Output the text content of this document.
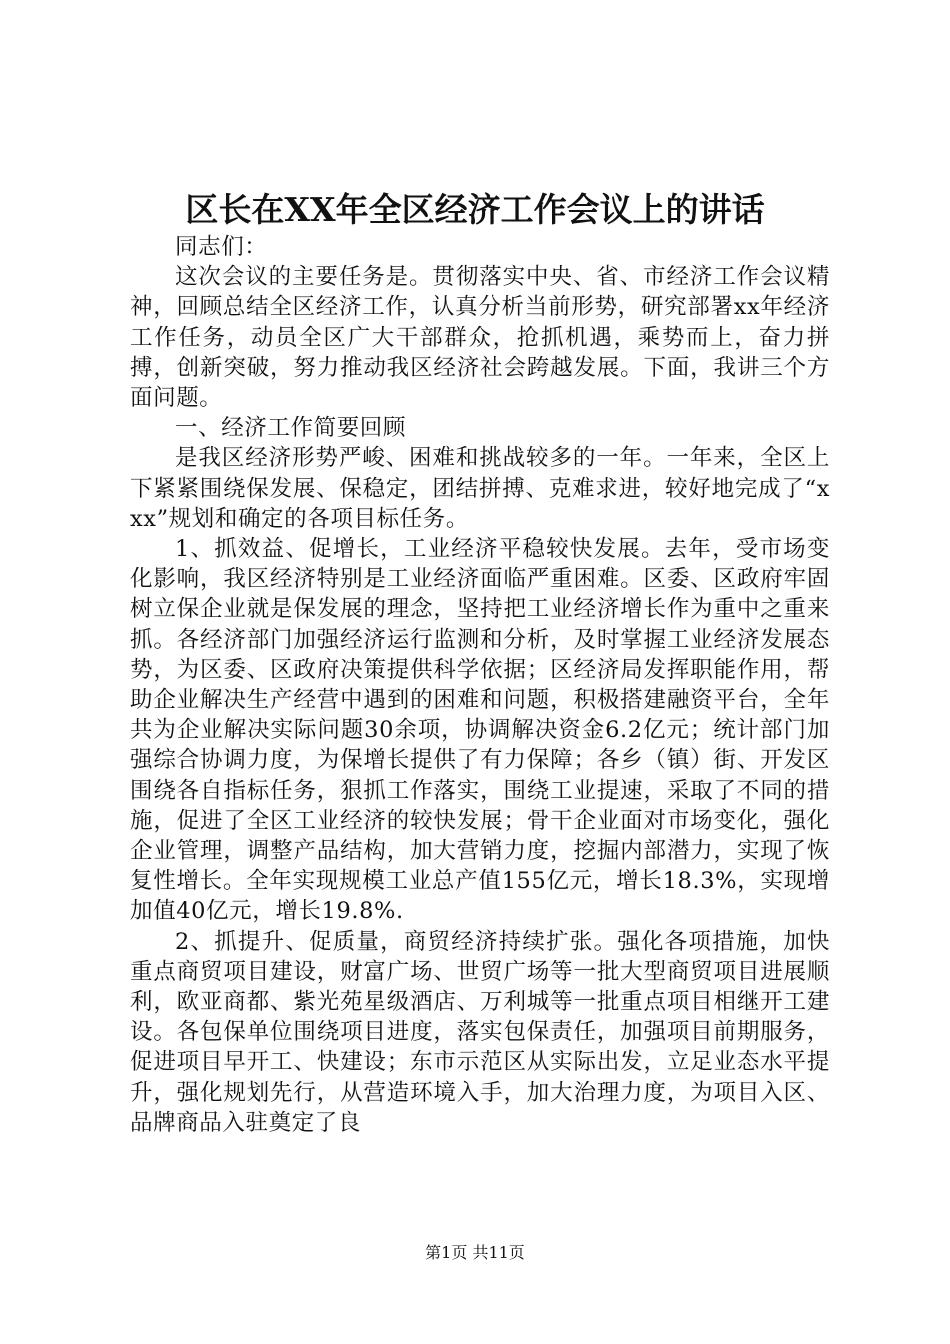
区长在XX年全区经济工作会议上的讲话

同志们：

这次会议的主要任务是。贯彻落实中央、省、市经济工作会议精神，回顾总结全区经济工作，认真分析当前形势，研究部署xx年经济工作任务，动员全区广大干部群众，抢抓机遇，乘势而上，奋力拼搏，创新突破，努力推动我区经济社会跨越发展。下面，我讲三个方面问题。

一、经济工作简要回顾

是我区经济形势严峻、困难和挑战较多的一年。一年来，全区上下紧紧围绕保发展、保稳定，团结拼搏、克难求进，较好地完成了“xxx”规划和确定的各项目标任务。

1、抓效益、促增长，工业经济平稳较快发展。去年，受市场变化影响，我区经济特别是工业经济面临严重困难。区委、区政府牢固树立保企业就是保发展的理念，坚持把工业经济增长作为重中之重来抓。各经济部门加强经济运行监测和分析，及时掌握工业经济发展态势，为区委、区政府决策提供科学依据；区经济局发挥职能作用，帮助企业解决生产经营中遇到的困难和问题，积极搭建融资平台，全年共为企业解决实际问题30余项，协调解决资金6.2亿元；统计部门加强综合协调力度，为保增长提供了有力保障；各乡（镇）街、开发区围绕各自指标任务，狠抓工作落实，围绕工业提速，采取了不同的措施，促进了全区工业经济的较快发展；骨干企业面对市场变化，强化企业管理，调整产品结构，加大营销力度，挖掘内部潜力，实现了恢复性增长。全年实现规模工业总产值155亿元，增长18.3%，实现增加值40亿元，增长19.8%.

2、抓提升、促质量，商贸经济持续扩张。强化各项措施，加快重点商贸项目建设，财富广场、世贸广场等一批大型商贸项目进展顺利，欧亚商都、紫光苑星级酒店、万利城等一批重点项目相继开工建设。各包保单位围绕项目进度，落实包保责任，加强项目前期服务，促进项目早开工、快建设；东市示范区从实际出发，立足业态水平提升，强化规划先行，从营造环境入手，加大治理力度，为项目入区、品牌商品入驻奠定了良

第1页 共11页
